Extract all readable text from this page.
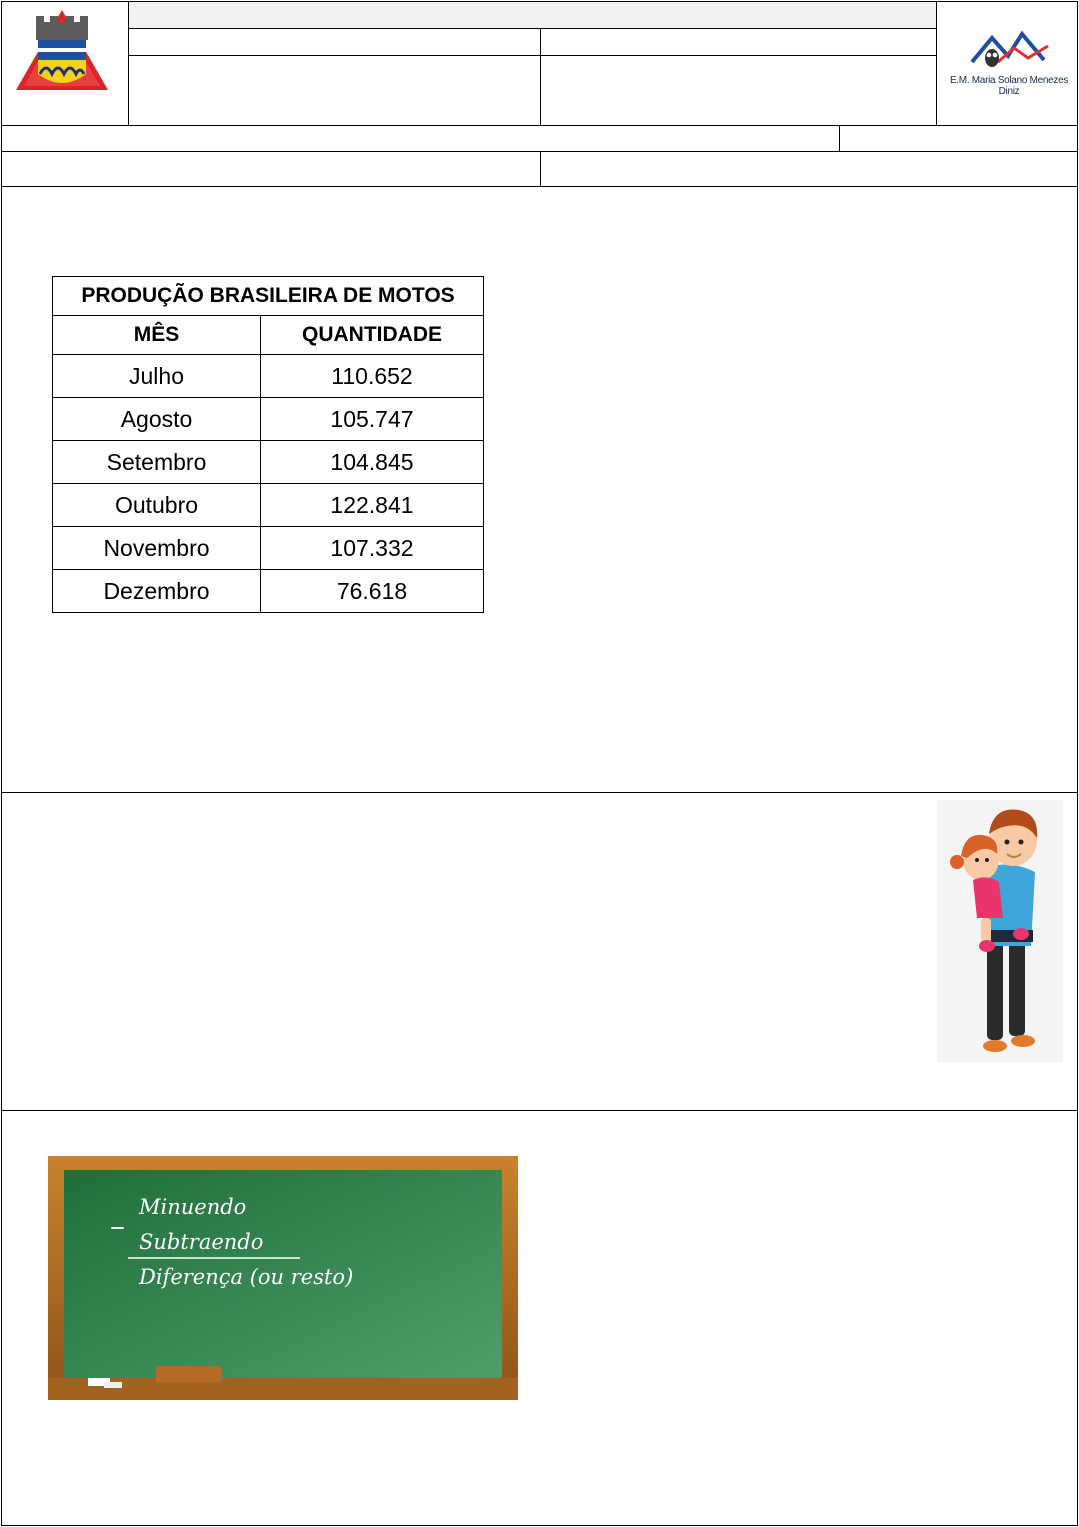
E.M. Maria Solano Menezes Diniz
PRODUÇÃO BRASILEIRA DE MOTOS	
MÊS	QUANTIDADE
Julho	110.652
Agosto	105.747
Setembro	104.845
Outubro	122.841
Novembro	107.332
Dezembro	76.618
–
Minuendo
Subtraendo
Diferença (ou resto)
